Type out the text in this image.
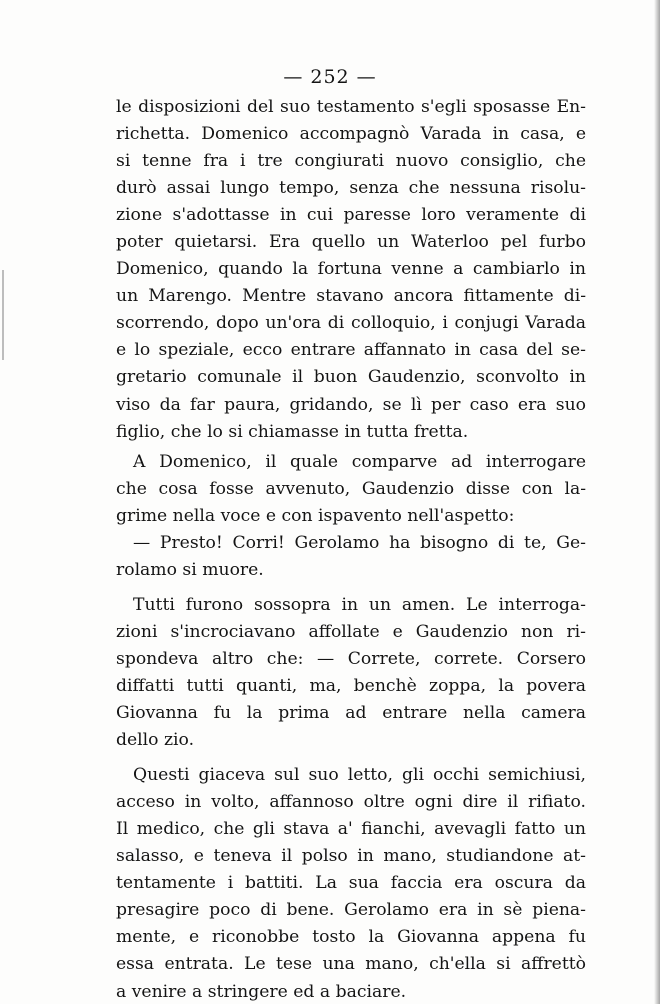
— 252 —
le disposizioni del suo testamento s'egli sposasse En-
richetta. Domenico accompagnò Varada in casa, e
si tenne fra i tre congiurati nuovo consiglio, che
durò assai lungo tempo, senza che nessuna risolu-
zione s'adottasse in cui paresse loro veramente di
poter quietarsi. Era quello un Waterloo pel furbo
Domenico, quando la fortuna venne a cambiarlo in
un Marengo. Mentre stavano ancora fittamente di-
scorrendo, dopo un'ora di colloquio, i conjugi Varada
e lo speziale, ecco entrare affannato in casa del se-
gretario comunale il buon Gaudenzio, sconvolto in
viso da far paura, gridando, se lì per caso era suo
figlio, che lo si chiamasse in tutta fretta.
A Domenico, il quale comparve ad interrogare
che cosa fosse avvenuto, Gaudenzio disse con la-
grime nella voce e con ispavento nell'aspetto:
— Presto! Corri! Gerolamo ha bisogno di te, Ge-
rolamo si muore.
Tutti furono sossopra in un amen. Le interroga-
zioni s'incrociavano affollate e Gaudenzio non ri-
spondeva altro che: — Correte, correte. Corsero
diffatti tutti quanti, ma, benchè zoppa, la povera
Giovanna fu la prima ad entrare nella camera
dello zio.
Questi giaceva sul suo letto, gli occhi semichiusi,
acceso in volto, affannoso oltre ogni dire il rifiato.
Il medico, che gli stava a' fianchi, avevagli fatto un
salasso, e teneva il polso in mano, studiandone at-
tentamente i battiti. La sua faccia era oscura da
presagire poco di bene. Gerolamo era in sè piena-
mente, e riconobbe tosto la Giovanna appena fu
essa entrata. Le tese una mano, ch'ella si affrettò
a venire a stringere ed a baciare.
